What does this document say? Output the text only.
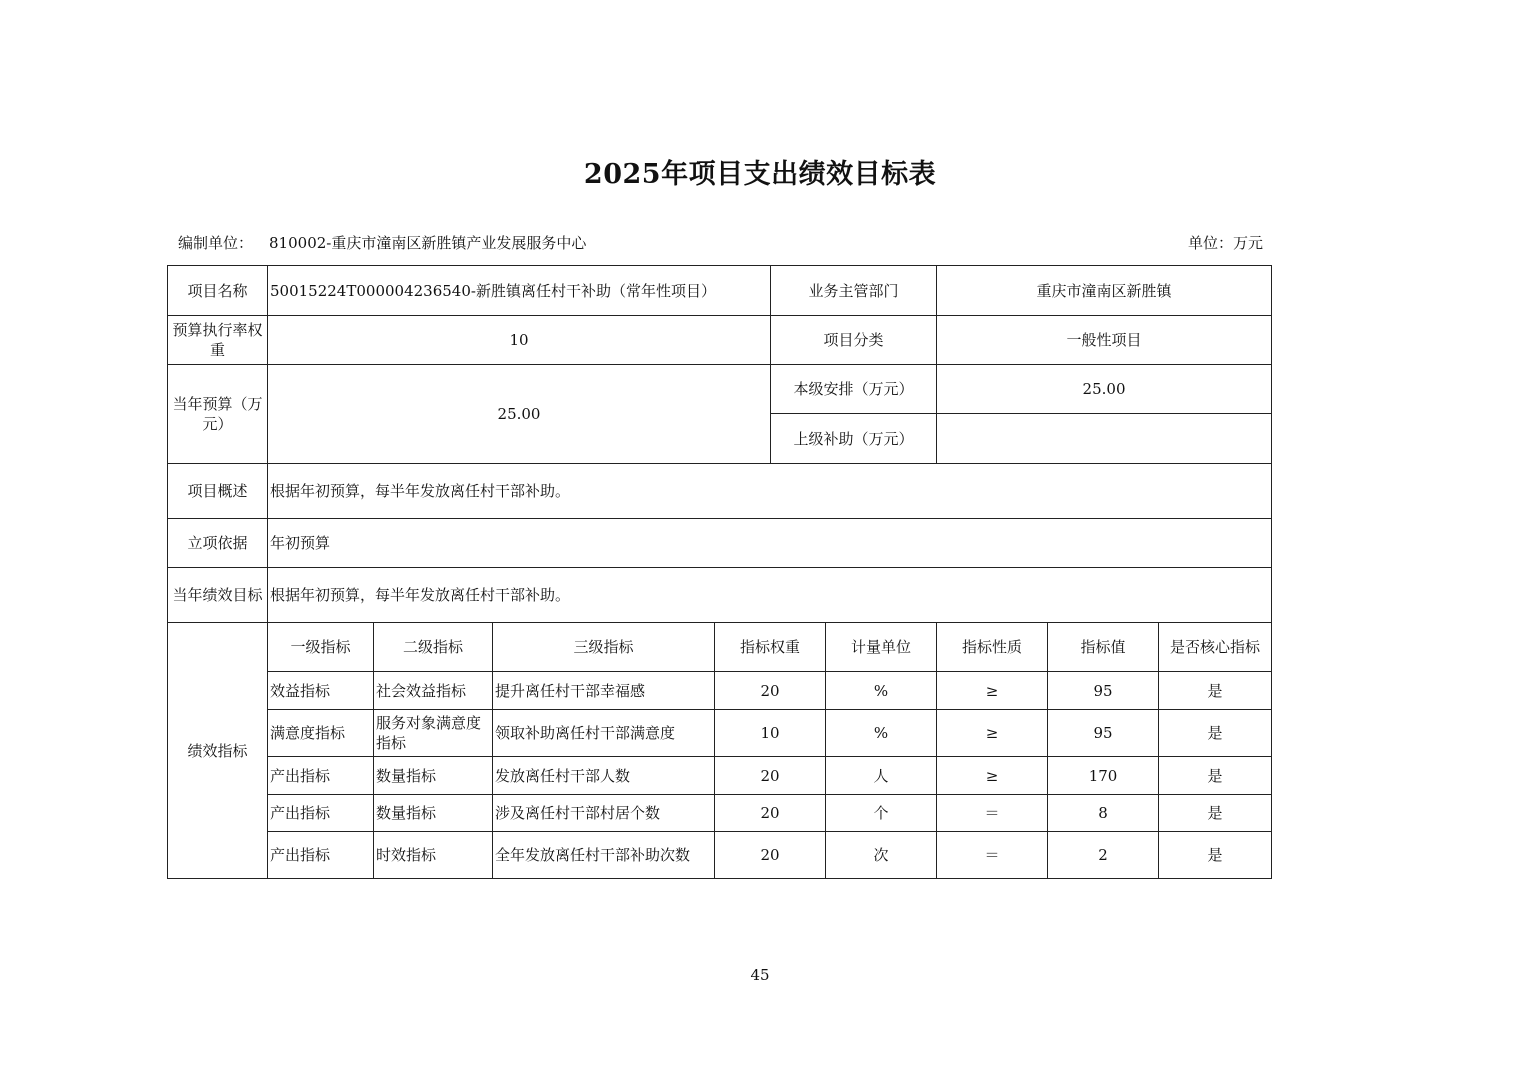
2025年项目支出绩效目标表
编制单位： 810002-重庆市潼南区新胜镇产业发展服务中心	单位：万元
项目名称	50015224T000004236540-新胜镇离任村干补助（常年性项目）				业务主管部门		重庆市潼南区新胜镇		
预算执行率权重	10				项目分类		一般性项目		
当年预算（万元）	25.00				本级安排（万元）		25.00		
					上级补助（万元）				
项目概述	根据年初预算，每半年发放离任村干部补助。								
立项依据	年初预算								
当年绩效目标	根据年初预算，每半年发放离任村干部补助。								
绩效指标	一级指标	二级指标	三级指标	指标权重		计量单位	指标性质	指标值	是否核心指标
	效益指标	社会效益指标	提升离任村干部幸福感	20		%	≥	95	是
	满意度指标	服务对象满意度指标	领取补助离任村干部满意度	10		%	≥	95	是
	产出指标	数量指标	发放离任村干部人数	20		人	≥	170	是
	产出指标	数量指标	涉及离任村干部村居个数	20		个	＝	8	是
	产出指标	时效指标	全年发放离任村干部补助次数	20		次	＝	2	是
45
